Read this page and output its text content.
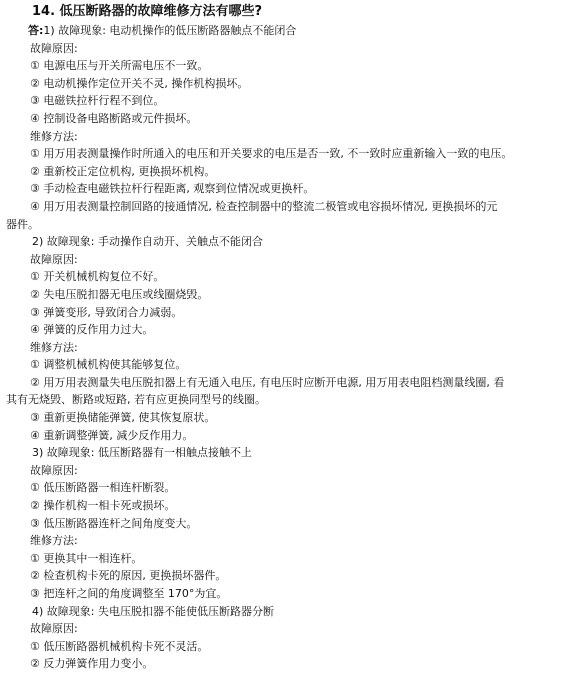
14. 低压断路器的故障维修方法有哪些?
答:1) 故障现象: 电动机操作的低压断路器触点不能闭合
故障原因:
① 电源电压与开关所需电压不一致。
② 电动机操作定位开关不灵, 操作机构损坏。
③ 电磁铁拉杆行程不到位。
④ 控制设备电路断路或元件损坏。
维修方法:
① 用万用表测量操作时所通入的电压和开关要求的电压是否一致, 不一致时应重新输入一致的电压。
② 重新校正定位机构, 更换损坏机构。
③ 手动检查电磁铁拉杆行程距离, 观察到位情况或更换杆。
④ 用万用表测量控制回路的接通情况, 检查控制器中的整流二极管或电容损坏情况, 更换损坏的元
器件。
2) 故障现象: 手动操作自动开、关触点不能闭合
故障原因:
① 开关机械机构复位不好。
② 失电压脱扣器无电压或线圈烧毁。
③ 弹簧变形, 导致闭合力减弱。
④ 弹簧的反作用力过大。
维修方法:
① 调整机械机构使其能够复位。
② 用万用表测量失电压脱扣器上有无通入电压, 有电压时应断开电源, 用万用表电阻档测量线圈, 看
其有无烧毁、断路或短路, 若有应更换同型号的线圈。
③ 重新更换储能弹簧, 使其恢复原状。
④ 重新调整弹簧, 减少反作用力。
3) 故障现象: 低压断路器有一相触点接触不上
故障原因:
① 低压断路器一相连杆断裂。
② 操作机构一相卡死或损坏。
③ 低压断路器连杆之间角度变大。
维修方法:
① 更换其中一相连杆。
② 检查机构卡死的原因, 更换损坏器件。
③ 把连杆之间的角度调整至 170°为宜。
4) 故障现象: 失电压脱扣器不能使低压断路器分断
故障原因:
① 低压断路器机械机构卡死不灵活。
② 反力弹簧作用力变小。
